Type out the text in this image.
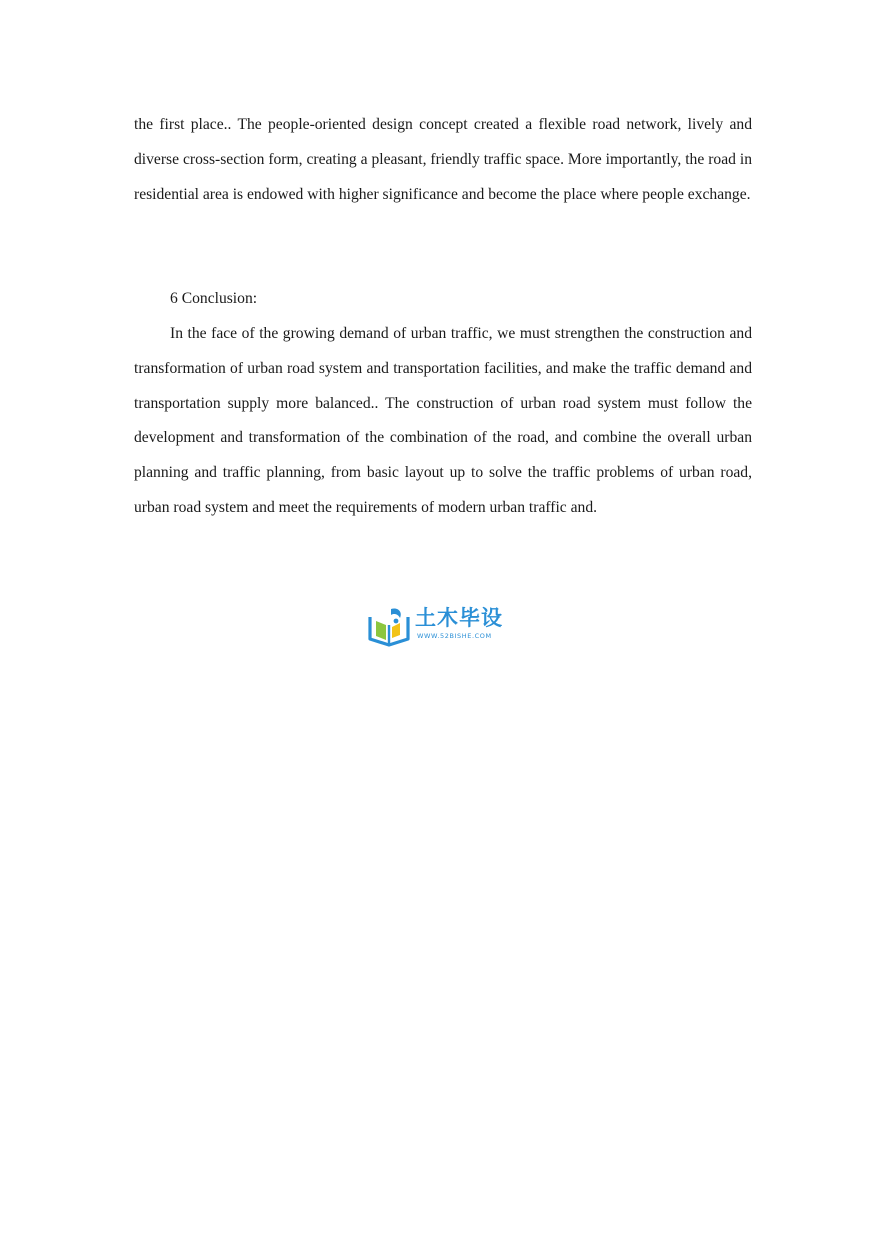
the first place.. The people-oriented design concept created a flexible road network, lively and diverse cross-section form, creating a pleasant, friendly traffic space. More importantly, the road in residential area is endowed with higher significance and become the place where people exchange.

6 Conclusion:

In the face of the growing demand of urban traffic, we must strengthen the construction and transformation of urban road system and transportation facilities, and make the traffic demand and transportation supply more balanced.. The construction of urban road system must follow the development and transformation of the combination of the road, and combine the overall urban planning and traffic planning, from basic layout up to solve the traffic problems of urban road, urban road system and meet the requirements of modern urban traffic and.

土木毕设
WWW.52BISHE.COM
